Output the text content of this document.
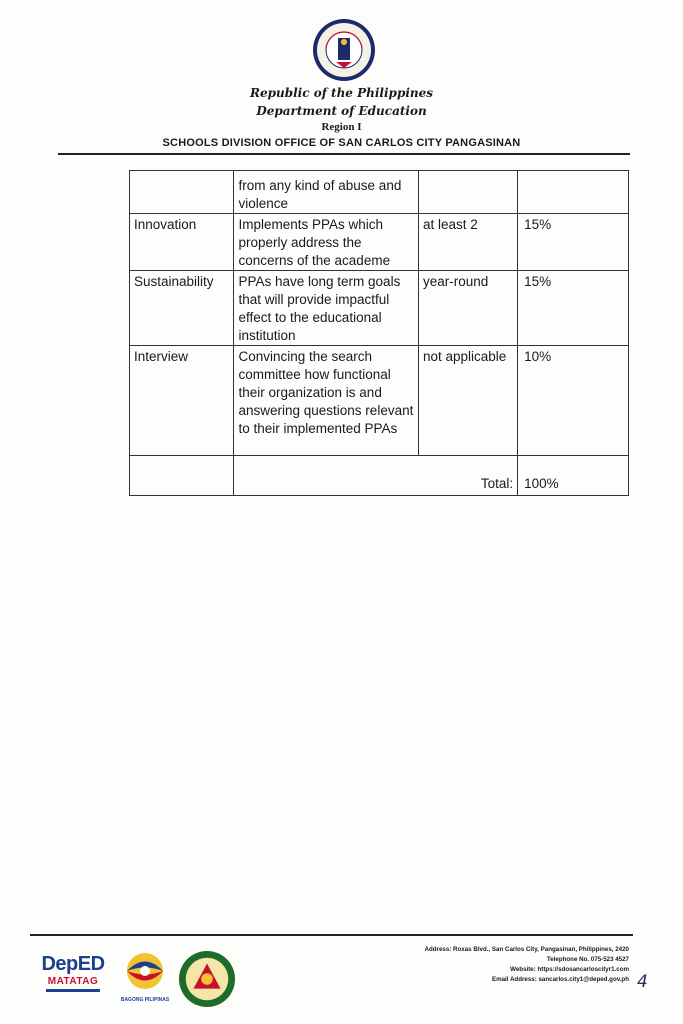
Republic of the Philippines
Department of Education
Region I
SCHOOLS DIVISION OFFICE OF SAN CARLOS CITY PANGASINAN
	from any kind of abuse and violence		
Innovation	Implements PPAs which properly address the concerns of the academe	at least 2	15%
Sustainability	PPAs have long term goals that will provide impactful effect to the educational institution	year-round	15%
Interview	Convincing the search committee how functional their organization is and answering questions relevant to their implemented PPAs	not applicable	10%
	Total:		100%
DepED
MATATAG
BAGONG PILIPINAS
Address: Roxas Blvd., San Carlos City, Pangasinan, Philippines, 2420
Telephone No. 075-523 4527
Website: https://sdosancarloscityr1.com
Email Address: sancarlos.city1@deped.gov.ph 4
